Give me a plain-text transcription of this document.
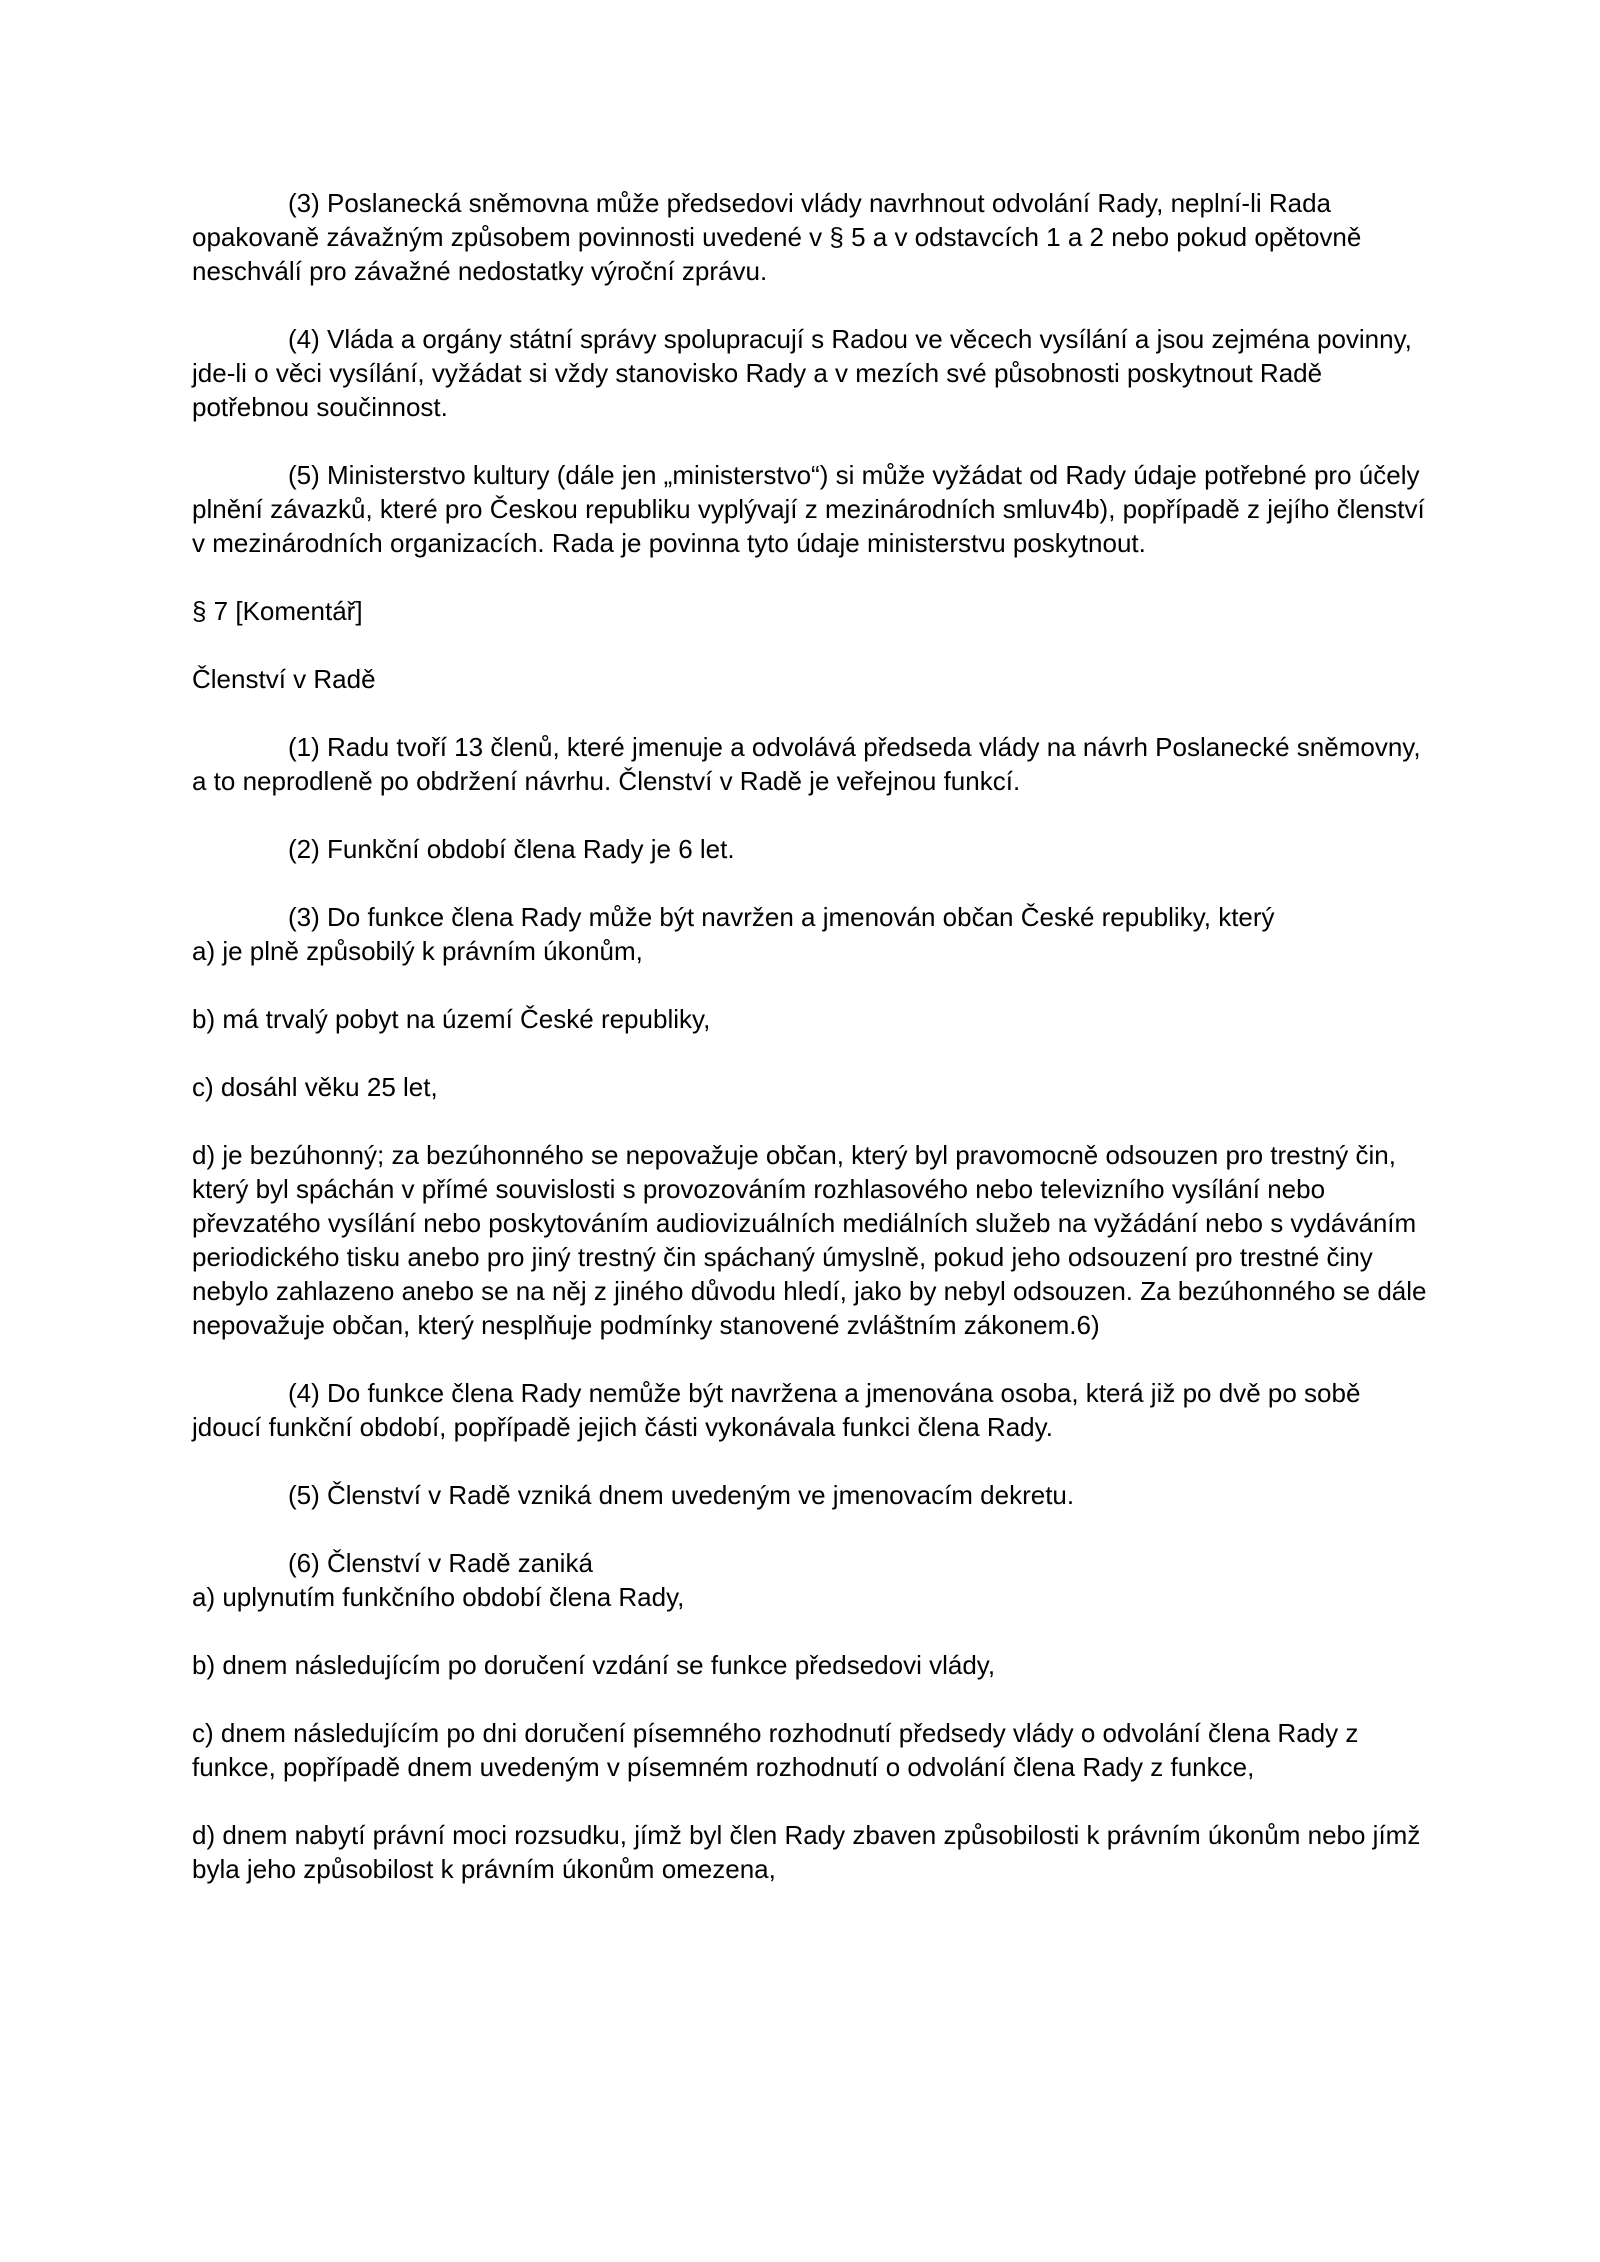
(3) Poslanecká sněmovna může předsedovi vlády navrhnout odvolání Rady, neplní-li Rada opakovaně závažným způsobem povinnosti uvedené v § 5 a v odstavcích 1 a 2 nebo pokud opětovně neschválí pro závažné nedostatky výroční zprávu.

(4) Vláda a orgány státní správy spolupracují s Radou ve věcech vysílání a jsou zejména povinny, jde-li o věci vysílání, vyžádat si vždy stanovisko Rady a v mezích své působnosti poskytnout Radě potřebnou součinnost.

(5) Ministerstvo kultury (dále jen „ministerstvo“) si může vyžádat od Rady údaje potřebné pro účely plnění závazků, které pro Českou republiku vyplývají z mezinárodních smluv4b), popřípadě z jejího členství v mezinárodních organizacích. Rada je povinna tyto údaje ministerstvu poskytnout.

§ 7 [Komentář]

Členství v Radě

(1) Radu tvoří 13 členů, které jmenuje a odvolává předseda vlády na návrh Poslanecké sněmovny, a to neprodleně po obdržení návrhu. Členství v Radě je veřejnou funkcí.

(2) Funkční období člena Rady je 6 let.

(3) Do funkce člena Rady může být navržen a jmenován občan České republiky, který

a) je plně způsobilý k právním úkonům,

b) má trvalý pobyt na území České republiky,

c) dosáhl věku 25 let,

d) je bezúhonný; za bezúhonného se nepovažuje občan, který byl pravomocně odsouzen pro trestný čin, který byl spáchán v přímé souvislosti s provozováním rozhlasového nebo televizního vysílání nebo převzatého vysílání nebo poskytováním audiovizuálních mediálních služeb na vyžádání nebo s vydáváním periodického tisku anebo pro jiný trestný čin spáchaný úmyslně, pokud jeho odsouzení pro trestné činy nebylo zahlazeno anebo se na něj z jiného důvodu hledí, jako by nebyl odsouzen. Za bezúhonného se dále nepovažuje občan, který nesplňuje podmínky stanovené zvláštním zákonem.6)

(4) Do funkce člena Rady nemůže být navržena a jmenována osoba, která již po dvě po sobě jdoucí funkční období, popřípadě jejich části vykonávala funkci člena Rady.

(5) Členství v Radě vzniká dnem uvedeným ve jmenovacím dekretu.

(6) Členství v Radě zaniká

a) uplynutím funkčního období člena Rady,

b) dnem následujícím po doručení vzdání se funkce předsedovi vlády,

c) dnem následujícím po dni doručení písemného rozhodnutí předsedy vlády o odvolání člena Rady z funkce, popřípadě dnem uvedeným v písemném rozhodnutí o odvolání člena Rady z funkce,

d) dnem nabytí právní moci rozsudku, jímž byl člen Rady zbaven způsobilosti k právním úkonům nebo jímž byla jeho způsobilost k právním úkonům omezena,
